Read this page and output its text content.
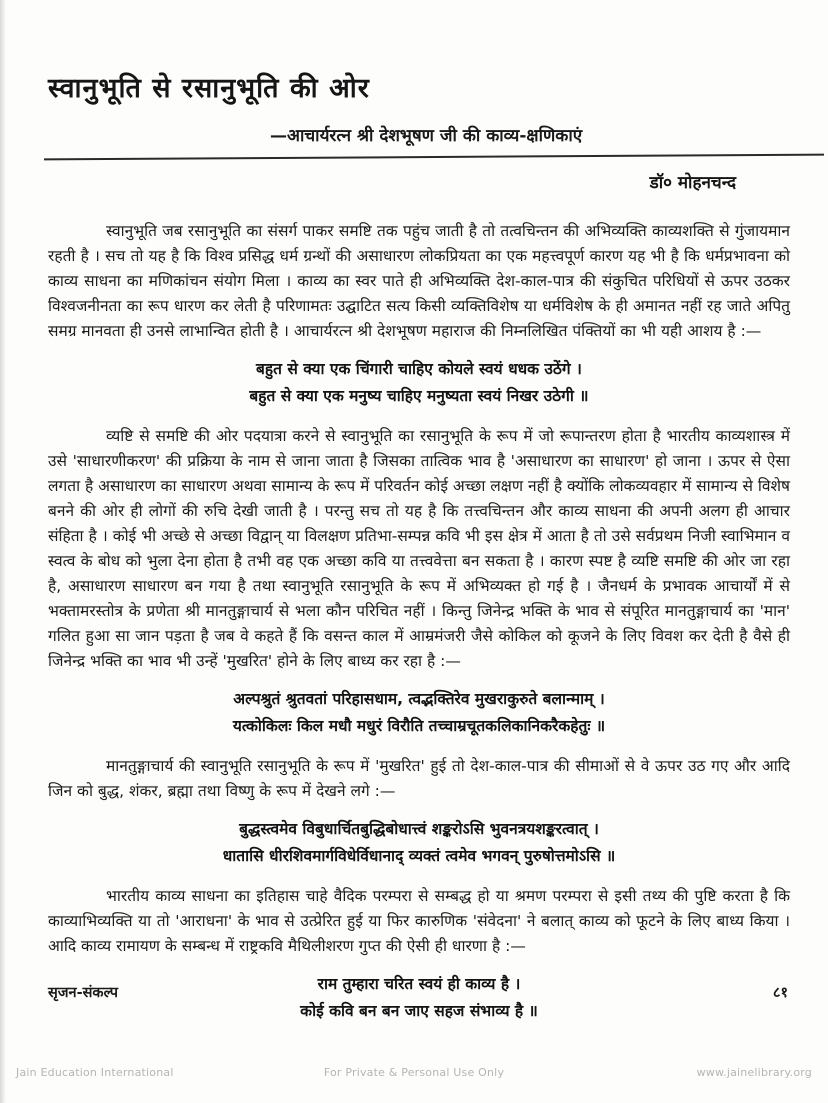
स्वानुभूति से रसानुभूति की ओर
—आचार्यरत्न श्री देशभूषण जी की काव्य-क्षणिकाएं
डॉ० मोहनचन्द

स्वानुभूति जब रसानुभूति का संसर्ग पाकर समष्टि तक पहुंच जाती है तो तत्वचिन्तन की अभिव्यक्ति काव्यशक्ति से गुंजायमान रहती है । सच तो यह है कि विश्व प्रसिद्ध धर्म ग्रन्थों की असाधारण लोकप्रियता का एक महत्त्वपूर्ण कारण यह भी है कि धर्मप्रभावना को काव्य साधना का मणिकांचन संयोग मिला । काव्य का स्वर पाते ही अभिव्यक्ति देश-काल-पात्र की संकुचित परिधियों से ऊपर उठकर विश्वजनीनता का रूप धारण कर लेती है परिणामतः उद्घाटित सत्य किसी व्यक्तिविशेष या धर्मविशेष के ही अमानत नहीं रह जाते अपितु समग्र मानवता ही उनसे लाभान्वित होती है । आचार्यरत्न श्री देशभूषण महाराज की निम्नलिखित पंक्तियों का भी यही आशय है :—

बहुत से क्या एक चिंगारी चाहिए कोयले स्वयं धधक उठेंगे ।
बहुत से क्या एक मनुष्य चाहिए मनुष्यता स्वयं निखर उठेगी ॥

व्यष्टि से समष्टि की ओर पदयात्रा करने से स्वानुभूति का रसानुभूति के रूप में जो रूपान्तरण होता है भारतीय काव्यशास्त्र में उसे 'साधारणीकरण' की प्रक्रिया के नाम से जाना जाता है जिसका तात्विक भाव है 'असाधारण का साधारण' हो जाना । ऊपर से ऐसा लगता है असाधारण का साधारण अथवा सामान्य के रूप में परिवर्तन कोई अच्छा लक्षण नहीं है क्योंकि लोकव्यवहार में सामान्य से विशेष बनने की ओर ही लोगों की रुचि देखी जाती है । परन्तु सच तो यह है कि तत्त्वचिन्तन और काव्य साधना की अपनी अलग ही आचार संहिता है । कोई भी अच्छे से अच्छा विद्वान् या विलक्षण प्रतिभा-सम्पन्न कवि भी इस क्षेत्र में आता है तो उसे सर्वप्रथम निजी स्वाभिमान व स्वत्व के बोध को भुला देना होता है तभी वह एक अच्छा कवि या तत्त्ववेत्ता बन सकता है । कारण स्पष्ट है व्यष्टि समष्टि की ओर जा रहा है, असाधारण साधारण बन गया है तथा स्वानुभूति रसानुभूति के रूप में अभिव्यक्त हो गई है । जैनधर्म के प्रभावक आचार्यों में से भक्तामरस्तोत्र के प्रणेता श्री मानतुङ्गाचार्य से भला कौन परिचित नहीं । किन्तु जिनेन्द्र भक्ति के भाव से संपूरित मानतुङ्गाचार्य का 'मान' गलित हुआ सा जान पड़ता है जब वे कहते हैं कि वसन्त काल में आम्रमंजरी जैसे कोकिल को कूजने के लिए विवश कर देती है वैसे ही जिनेन्द्र भक्ति का भाव भी उन्हें 'मुखरित' होने के लिए बाध्य कर रहा है :—

अल्पश्रुतं श्रुतवतां परिहासधाम, त्वद्भक्तिरेव मुखराकुरुते बलान्माम् ।
यत्कोकिलः किल मधौ मधुरं विरौति तच्चाम्रचूतकलिकानिकरैकहेतुः ॥

मानतुङ्गाचार्य की स्वानुभूति रसानुभूति के रूप में 'मुखरित' हुई तो देश-काल-पात्र की सीमाओं से वे ऊपर उठ गए और आदि जिन को बुद्ध, शंकर, ब्रह्मा तथा विष्णु के रूप में देखने लगे :—

बुद्धस्त्वमेव विबुधार्चितबुद्धिबोधात्त्वं शङ्करोऽसि भुवनत्रयशङ्करत्वात् ।
धातासि धीरशिवमार्गविधेर्विधानाद् व्यक्तं त्वमेव भगवन् पुरुषोत्तमोऽसि ॥

भारतीय काव्य साधना का इतिहास चाहे वैदिक परम्परा से सम्बद्ध हो या श्रमण परम्परा से इसी तथ्य की पुष्टि करता है कि काव्याभिव्यक्ति या तो 'आराधना' के भाव से उत्प्रेरित हुई या फिर कारुणिक 'संवेदना' ने बलात् काव्य को फूटने के लिए बाध्य किया । आदि काव्य रामायण के सम्बन्ध में राष्ट्रकवि मैथिलीशरण गुप्त की ऐसी ही धारणा है :—

राम तुम्हारा चरित स्वयं ही काव्य है ।
कोई कवि बन बन जाए सहज संभाव्य है ॥
सृजन-संकल्प	८१
Jain Education International	For Private & Personal Use Only	www.jainelibrary.org
